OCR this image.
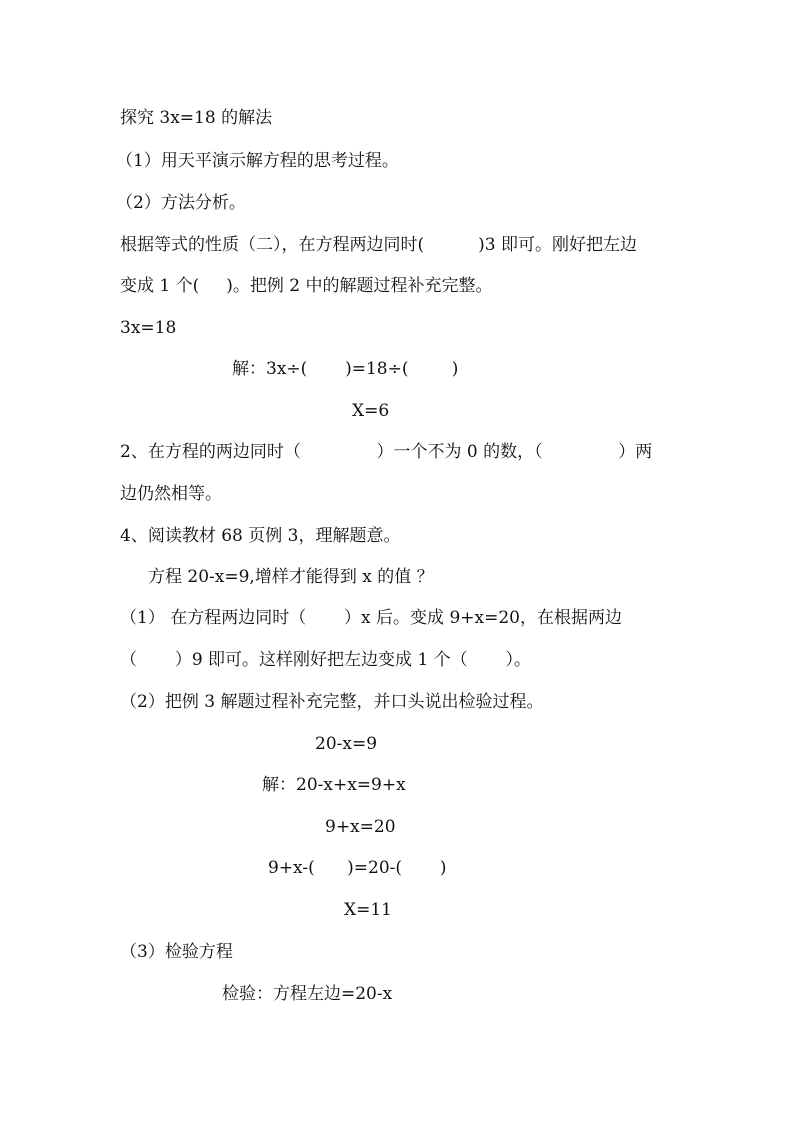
探究 3x=18 的解法

（1）用天平演示解方程的思考过程。

（2）方法分析。

根据等式的性质（二），在方程两边同时(          )3 即可。刚好把左边

变成 1 个(     )。把例 2 中的解题过程补充完整。

3x=18

解：3x÷(       )=18÷(        )

X=6

2、在方程的两边同时（              ）一个不为 0 的数，（              ）两

边仍然相等。

4、阅读教材 68 页例 3，理解题意。

方程 20-x=9,增样才能得到 x 的值 ？

（1） 在方程两边同时（       ）x 后。变成 9+x=20，在根据两边

（       ）9 即可。这样刚好把左边变成 1 个（       ）。

（2）把例 3 解题过程补充完整，并口头说出检验过程。

20-x=9

解：20-x+x=9+x

9+x=20

9+x-(      )=20-(       )

X=11

（3）检验方程

检验：方程左边=20-x
